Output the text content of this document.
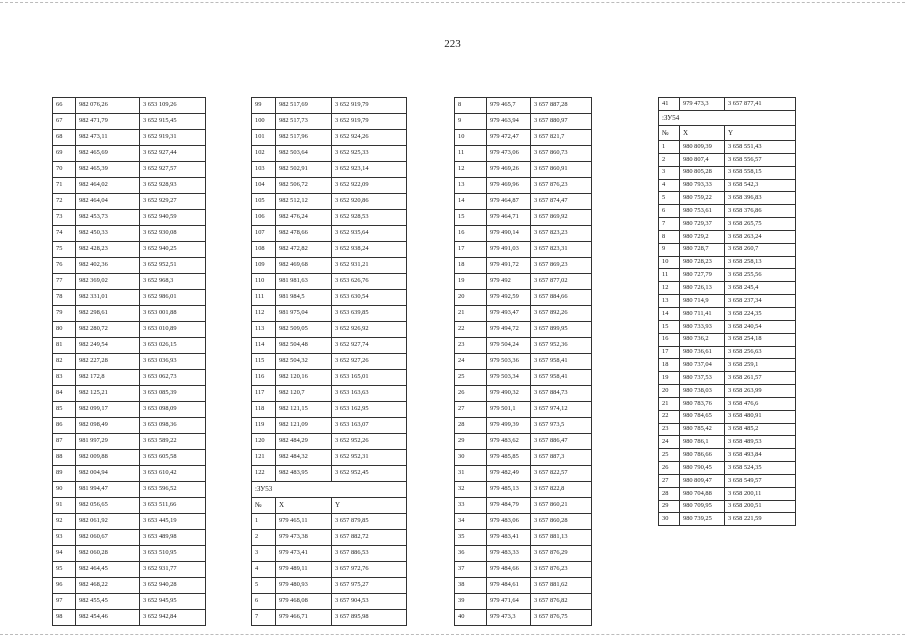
223
66	982 076,26	3 653 109,26
67	982 471,79	3 652 915,45
68	982 473,11	3 652 919,31
69	982 465,69	3 652 927,44
70	982 465,39	3 652 927,57
71	982 464,02	3 652 928,93
72	982 464,04	3 652 929,27
73	982 453,73	3 652 940,59
74	982 450,33	3 652 930,08
75	982 428,23	3 652 940,25
76	982 402,36	3 652 952,51
77	982 369,02	3 652 968,3
78	982 331,01	3 652 986,01
79	982 298,61	3 653 001,88
80	982 280,72	3 653 010,89
81	982 249,54	3 653 026,15
82	982 227,28	3 653 036,93
83	982 172,8	3 653 062,73
84	982 125,21	3 653 085,39
85	982 099,17	3 653 098,09
86	982 098,49	3 653 098,36
87	981 997,29	3 653 589,22
88	982 009,88	3 653 605,58
89	982 004,94	3 653 610,42
90	981 994,47	3 653 596,52
91	982 056,65	3 653 511,66
92	982 061,92	3 653 445,19
93	982 060,67	3 653 489,98
94	982 060,28	3 653 510,95
95	982 464,45	3 652 931,77
96	982 468,22	3 652 940,28
97	982 455,45	3 652 945,95
98	982 454,46	3 652 942,84
99	982 517,69	3 652 919,79
100	982 517,73	3 652 919,79
101	982 517,96	3 652 924,26
102	982 503,64	3 652 925,33
103	982 502,91	3 652 923,14
104	982 506,72	3 652 922,09
105	982 512,12	3 652 920,86
106	982 476,24	3 652 928,53
107	982 478,66	3 652 935,64
108	982 472,82	3 652 938,24
109	982 469,68	3 652 931,21
110	981 981,63	3 653 626,76
111	981 984,5	3 653 630,54
112	981 975,04	3 653 639,85
113	982 509,05	3 652 926,92
114	982 504,48	3 652 927,74
115	982 504,32	3 652 927,26
116	982 120,16	3 653 165,01
117	982 120,7	3 653 163,63
118	982 121,15	3 653 162,95
119	982 121,09	3 653 163,07
120	982 484,29	3 652 952,26
121	982 484,32	3 652 952,31
122	982 483,95	3 652 952,45
:ЗУ53		
№	X	Y
1	979 465,11	3 657 879,85
2	979 473,38	3 657 882,72
3	979 473,41	3 657 886,53
4	979 489,11	3 657 972,76
5	979 480,93	3 657 975,27
6	979 468,08	3 657 904,53
7	979 466,71	3 657 895,98
8	979 465,7	3 657 887,28
9	979 463,94	3 657 880,97
10	979 472,47	3 657 821,7
11	979 473,06	3 657 860,73
12	979 469,26	3 657 860,91
13	979 469,96	3 657 876,23
14	979 464,87	3 657 874,47
15	979 464,71	3 657 869,92
16	979 490,14	3 657 823,23
17	979 491,03	3 657 823,31
18	979 491,72	3 657 869,23
19	979 492	3 657 877,02
20	979 492,59	3 657 884,66
21	979 493,47	3 657 892,26
22	979 494,72	3 657 899,95
23	979 504,24	3 657 952,36
24	979 503,36	3 657 958,41
25	979 503,34	3 657 958,41
26	979 490,32	3 657 884,73
27	979 501,1	3 657 974,12
28	979 499,39	3 657 973,5
29	979 483,62	3 657 886,47
30	979 485,85	3 657 887,3
31	979 482,49	3 657 822,57
32	979 485,13	3 657 822,8
33	979 484,79	3 657 860,21
34	979 483,06	3 657 860,28
35	979 483,41	3 657 881,13
36	979 483,33	3 657 876,29
37	979 484,66	3 657 876,23
38	979 484,61	3 657 881,62
39	979 471,64	3 657 876,82
40	979 473,3	3 657 876,75
41	979 473,3	3 657 877,41
:ЗУ54		
№	X	Y
1	980 809,39	3 658 551,43
2	980 807,4	3 658 556,57
3	980 805,28	3 658 558,15
4	980 793,33	3 658 542,3
5	980 759,22	3 658 396,83
6	980 753,61	3 658 376,86
7	980 729,37	3 658 265,75
8	980 729,2	3 658 263,24
9	980 728,7	3 658 260,7
10	980 728,23	3 658 258,13
11	980 727,79	3 658 255,56
12	980 726,13	3 658 245,4
13	980 714,9	3 658 237,34
14	980 711,41	3 658 224,35
15	980 733,93	3 658 240,54
16	980 736,2	3 658 254,18
17	980 736,61	3 658 256,63
18	980 737,04	3 658 259,1
19	980 737,53	3 658 261,57
20	980 738,03	3 658 263,99
21	980 783,76	3 658 476,6
22	980 784,65	3 658 480,91
23	980 785,42	3 658 485,2
24	980 786,1	3 658 489,53
25	980 786,66	3 658 493,84
26	980 790,45	3 658 524,35
27	980 809,47	3 658 549,57
28	980 704,88	3 658 200,11
29	980 709,95	3 658 200,51
30	980 739,25	3 658 221,59
